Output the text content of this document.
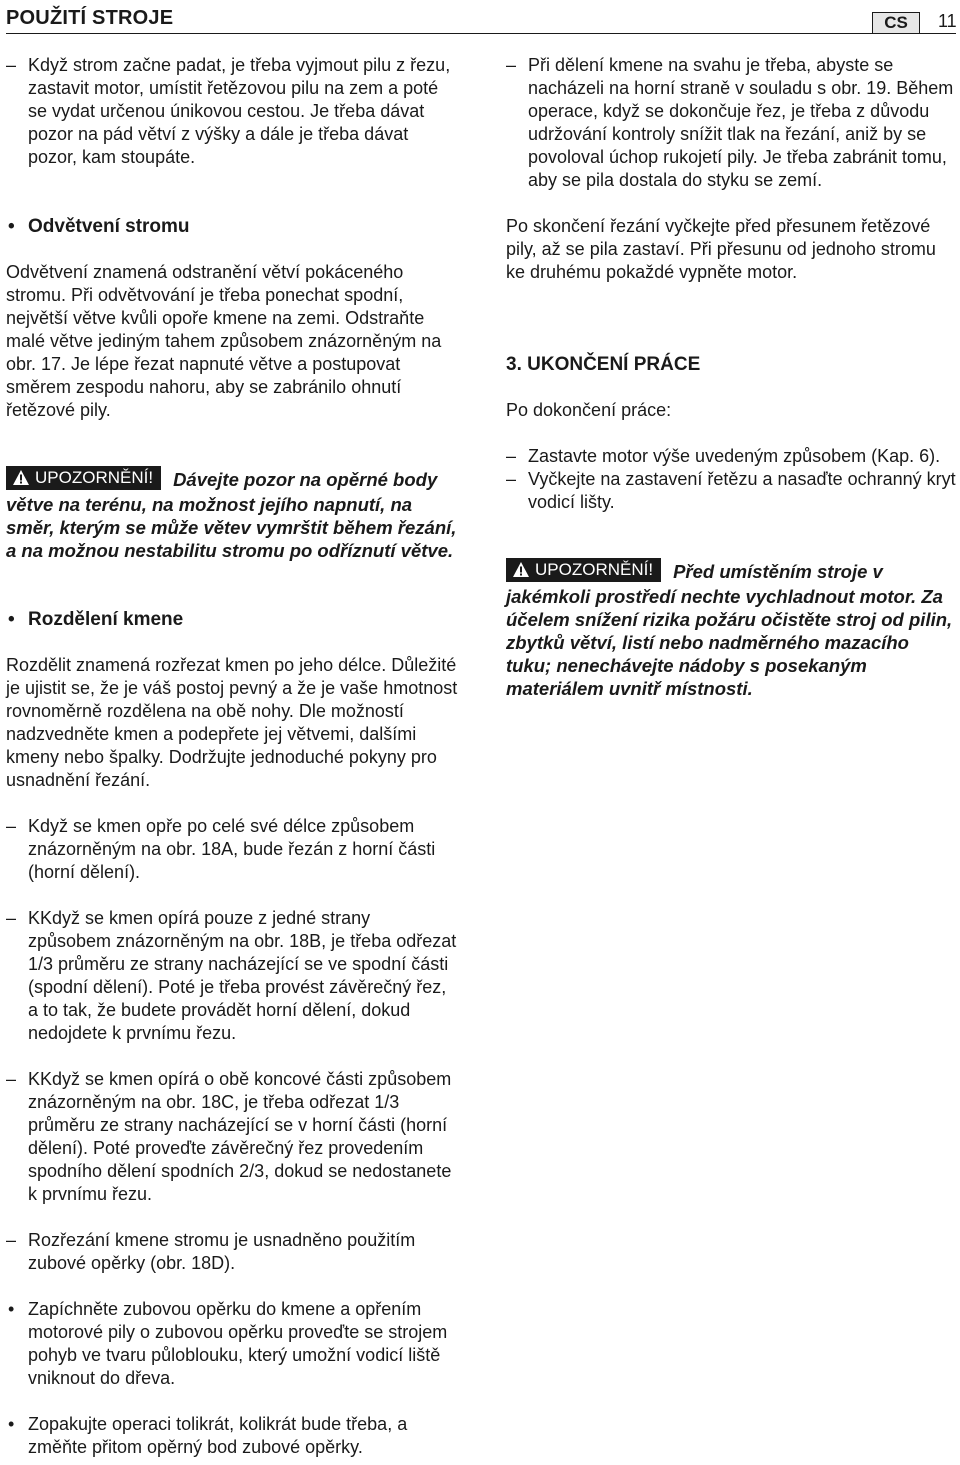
POUŽITÍ STROJE	CS	11

– Když strom začne padat, je třeba vyjmout pilu z řezu, zastavit motor, umístit řetězovou pilu na zem a poté se vydat určenou únikovou cestou. Je třeba dávat pozor na pád větví z výšky a dále je třeba dávat pozor, kam stoupáte.

• Odvětvení stromu

Odvětvení znamená odstranění větví pokáceného stromu. Při odvětvování je třeba ponechat spodní, největší větve kvůli opoře kmene na zemi. Odstraňte malé větve jediným tahem způsobem znázorněným na obr. 17. Je lépe řezat napnuté větve a postupovat směrem zespodu nahoru, aby se zabránilo ohnutí řetězové pily.

UPOZORNĚNÍ! Dávejte pozor na opěrné body větve na terénu, na možnost jejího napnutí, na směr, kterým se může větev vymrštit během řezání, a na možnou nestabilitu stromu po odříznutí větve.

• Rozdělení kmene

Rozdělit znamená rozřezat kmen po jeho délce. Důležité je ujistit se, že je váš postoj pevný a že je vaše hmotnost rovnoměrně rozdělena na obě nohy. Dle možností nadzvedněte kmen a podepřete jej větvemi, dalšími kmeny nebo špalky. Dodržujte jednoduché pokyny pro usnadnění řezání.

– Když se kmen opře po celé své délce způsobem znázorněným na obr. 18A, bude řezán z horní části (horní dělení).

– KKdyž se kmen opírá pouze z jedné strany způsobem znázorněným na obr. 18B, je třeba odřezat 1/3 průměru ze strany nacházející se ve spodní části (spodní dělení). Poté je třeba provést závěrečný řez, a to tak, že budete provádět horní dělení, dokud nedojdete k prvnímu řezu.

– KKdyž se kmen opírá o obě koncové části způsobem znázorněným na obr. 18C, je třeba odřezat 1/3 průměru ze strany nacházející se v horní části (horní dělení). Poté proveďte závěrečný řez provedením spodního dělení spodních 2/3, dokud se nedostanete k prvnímu řezu.

– Rozřezání kmene stromu je usnadněno použitím zubové opěrky (obr. 18D).

• Zapíchněte zubovou opěrku do kmene a opřením motorové pily o zubovou opěrku proveďte se strojem pohyb ve tvaru půloblouku, který umožní vodicí liště vniknout do dřeva.

• Zopakujte operaci tolikrát, kolikrát bude třeba, a změňte přitom opěrný bod zubové opěrky.

– Při dělení kmene na svahu je třeba, abyste se nacházeli na horní straně v souladu s obr. 19. Během operace, když se dokončuje řez, je třeba z důvodu udržování kontroly snížit tlak na řezání, aniž by se povoloval úchop rukojetí pily. Je třeba zabránit tomu, aby se pila dostala do styku se zemí.

Po skončení řezání vyčkejte před přesunem řetězové pily, až se pila zastaví. Při přesunu od jednoho stromu ke druhému pokaždé vypněte motor.

3. UKONČENÍ PRÁCE

Po dokončení práce:

– Zastavte motor výše uvedeným způsobem (Kap. 6).

– Vyčkejte na zastavení řetězu a nasaďte ochranný kryt vodicí lišty.

UPOZORNĚNÍ! Před umístěním stroje v jakémkoli prostředí nechte vychladnout motor. Za účelem snížení rizika požáru očistěte stroj od pilin, zbytků větví, listí nebo nadměrného mazacího tuku; nenechávejte nádoby s posekaným materiálem uvnitř místnosti.
